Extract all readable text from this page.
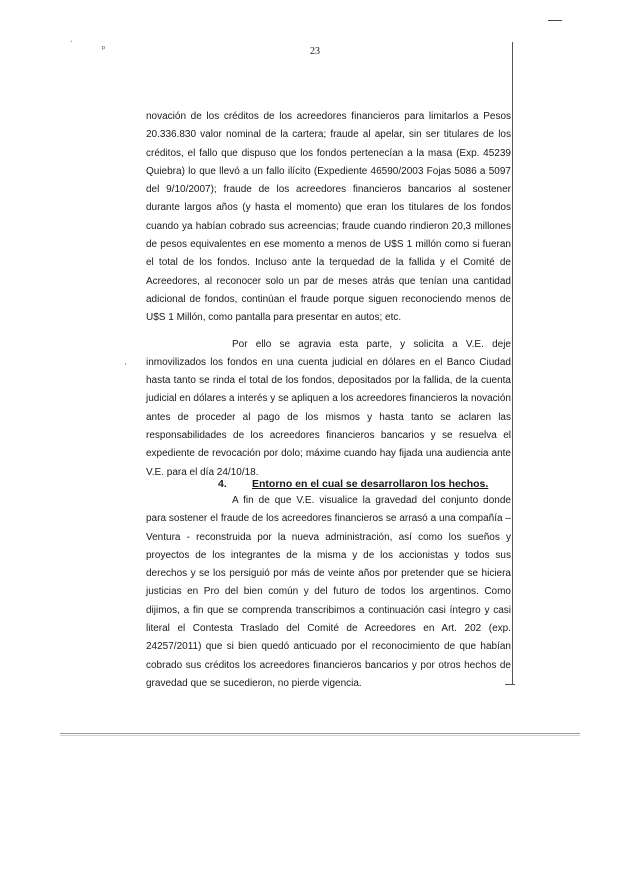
ˋ	ᵖ	23
'

novación de los créditos de los acreedores financieros para limitarlos a Pesos 20.336.830 valor nominal de la cartera; fraude al apelar, sin ser titulares de los créditos, el fallo que dispuso que los fondos pertenecían a la masa (Exp. 45239 Quiebra) lo que llevó a un fallo ilícito (Expediente 46590/2003 Fojas 5086 a 5097 del 9/10/2007); fraude de los acreedores financieros bancarios al sostener durante largos años (y hasta el momento) que eran los titulares de los fondos cuando ya habían cobrado sus acreencias; fraude cuando rindieron 20,3 millones de pesos equivalentes en ese momento a menos de U$S 1 millón como si fueran el total de los fondos. Incluso ante la terquedad de la fallida y el Comité de Acreedores, al reconocer solo un par de meses atrás que tenían una cantidad adicional de fondos, continúan el fraude porque siguen reconociendo menos de U$S 1 Millón, como pantalla para presentar en autos; etc.

Por ello se agravia esta parte, y solicita a V.E. deje inmovilizados los fondos en una cuenta judicial en dólares en el Banco Ciudad hasta tanto se rinda el total de los fondos, depositados por la fallida, de la cuenta judicial en dólares a interés y se apliquen a los acreedores financieros la novación antes de proceder al pago de los mismos y hasta tanto se aclaren las responsabilidades de los acreedores financieros bancarios y se resuelva el expediente de revocación por dolo; máxime cuando hay fijada una audiencia ante V.E. para el día 24/10/18.

4. Entorno en el cual se desarrollaron los hechos.

A fin de que V.E. visualice la gravedad del conjunto donde para sostener el fraude de los acreedores financieros se arrasó a una compañía – Ventura - reconstruida por la nueva administración, así como los sueños y proyectos de los integrantes de la misma y de los accionistas y todos sus derechos y se los persiguió por más de veinte años por pretender que se hiciera justicias en Pro del bien común y del futuro de todos los argentinos. Como dijimos, a fin que se comprenda transcribimos a continuación casi íntegro y casi literal el Contesta Traslado del Comité de Acreedores en Art. 202 (exp. 24257/2011) que si bien quedó anticuado por el reconocimiento de que habían cobrado sus créditos los acreedores financieros bancarios y por otros hechos de gravedad que se sucedieron, no pierde vigencia.
